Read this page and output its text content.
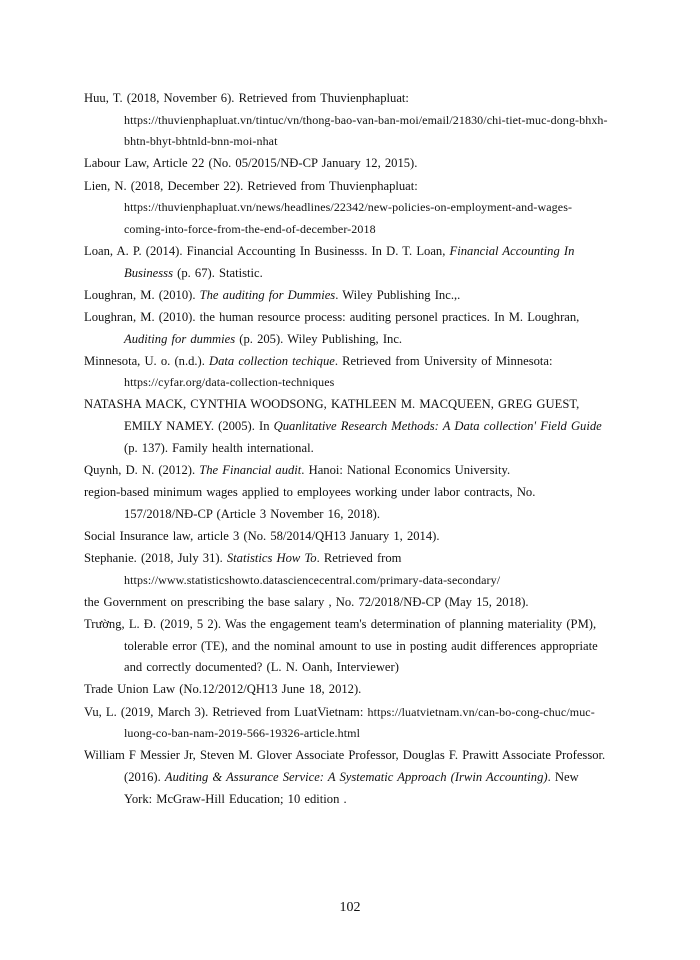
Huu, T. (2018, November 6). Retrieved from Thuvienphapluat: https://thuvienphapluat.vn/tintuc/vn/thong-bao-van-ban-moi/email/21830/chi-tiet-muc-dong-bhxh-bhtn-bhyt-bhtnld-bnn-moi-nhat

Labour Law, Article 22 (No. 05/2015/NĐ-CP January 12, 2015).

Lien, N. (2018, December 22). Retrieved from Thuvienphapluat: https://thuvienphapluat.vn/news/headlines/22342/new-policies-on-employment-and-wages-coming-into-force-from-the-end-of-december-2018

Loan, A. P. (2014). Financial Accounting In Businesss. In D. T. Loan, Financial Accounting In Businesss (p. 67). Statistic.

Loughran, M. (2010). The auditing for Dummies. Wiley Publishing Inc.,.

Loughran, M. (2010). the human resource process: auditing personel practices. In M. Loughran, Auditing for dummies (p. 205). Wiley Publishing, Inc.

Minnesota, U. o. (n.d.). Data collection techique. Retrieved from University of Minnesota: https://cyfar.org/data-collection-techniques

NATASHA MACK, CYNTHIA WOODSONG, KATHLEEN M. MACQUEEN, GREG GUEST, EMILY NAMEY. (2005). In Quanlitative Research Methods: A Data collection' Field Guide (p. 137). Family health international.

Quynh, D. N. (2012). The Financial audit. Hanoi: National Economics University.

region-based minimum wages applied to employees working under labor contracts, No. 157/2018/NĐ-CP (Article 3 November 16, 2018).

Social Insurance law, article 3 (No. 58/2014/QH13 January 1, 2014).

Stephanie. (2018, July 31). Statistics How To. Retrieved from https://www.statisticshowto.datasciencecentral.com/primary-data-secondary/

the Government on prescribing the base salary , No. 72/2018/NĐ-CP (May 15, 2018).

Trường, L. Đ. (2019, 5 2). Was the engagement team's determination of planning materiality (PM), tolerable error (TE), and the nominal amount to use in posting audit differences appropriate and correctly documented? (L. N. Oanh, Interviewer)

Trade Union Law (No.12/2012/QH13 June 18, 2012).

Vu, L. (2019, March 3). Retrieved from LuatVietnam: https://luatvietnam.vn/can-bo-cong-chuc/muc-luong-co-ban-nam-2019-566-19326-article.html

William F Messier Jr, Steven M. Glover Associate Professor, Douglas F. Prawitt Associate Professor. (2016). Auditing & Assurance Service: A Systematic Approach (Irwin Accounting). New York: McGraw-Hill Education; 10 edition .

102
